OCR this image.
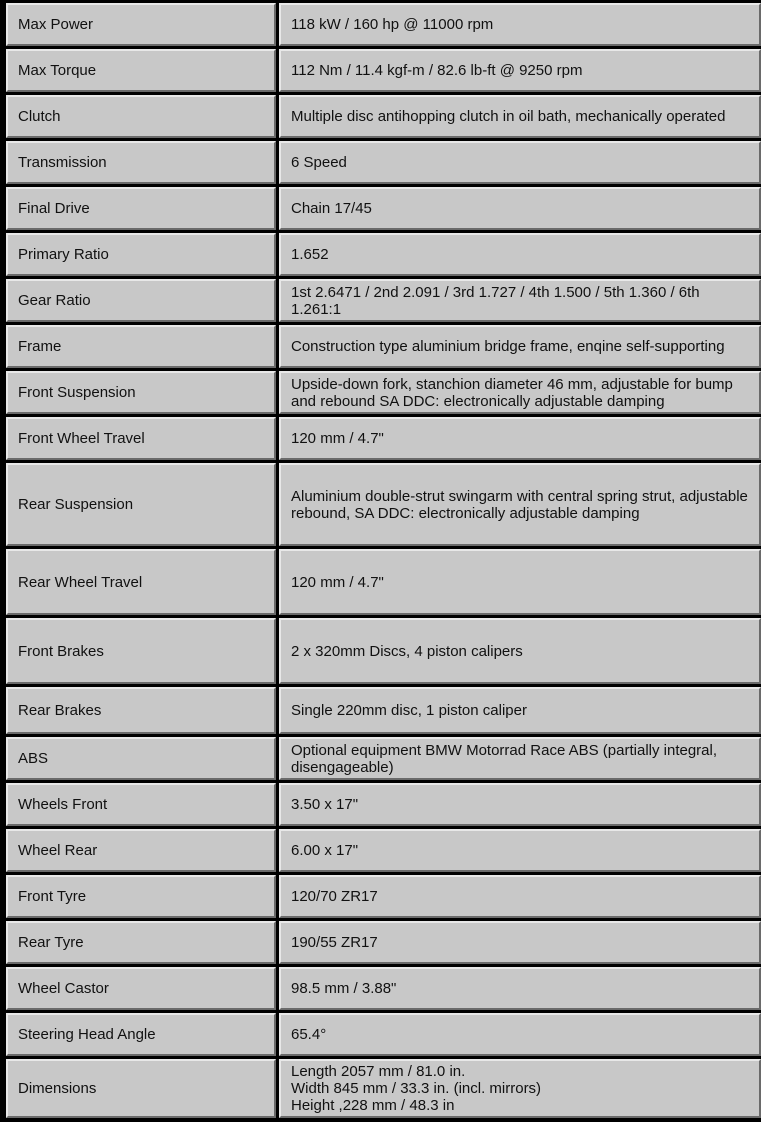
Max Power	118 kW / 160 hp @ 11000 rpm

Max Torque	112 Nm / 11.4 kgf-m / 82.6 lb-ft @ 9250 rpm

Clutch	Multiple disc antihopping clutch in oil bath, mechanically operated

Transmission	6 Speed

Final Drive	Chain 17/45

Primary Ratio	1.652

Gear Ratio	1st 2.6471 / 2nd 2.091 / 3rd 1.727 / 4th 1.500 / 5th 1.360 / 6th 1.261:1

Frame	Construction type aluminium bridge frame, enqine self-supporting

Front Suspension	Upside-down fork, stanchion diameter 46 mm, adjustable for bump and rebound SA DDC: electronically adjustable damping

Front Wheel Travel	120 mm / 4.7"

Rear Suspension	Aluminium double-strut swingarm with central spring strut, adjustable rebound, SA DDC: electronically adjustable damping

Rear Wheel Travel	120 mm / 4.7"

Front Brakes	2 x 320mm Discs, 4 piston calipers

Rear Brakes	Single 220mm disc, 1 piston caliper

ABS	Optional equipment BMW Motorrad Race ABS (partially integral, disengageable)

Wheels Front	3.50 x 17"

Wheel Rear	6.00 x 17"

Front Tyre	120/70 ZR17

Rear Tyre	190/55 ZR17

Wheel Castor	98.5 mm / 3.88"

Steering Head Angle	65.4°

Dimensions	Length 2057 mm / 81.0 in.
Width 845 mm / 33.3 in. (incl. mirrors)
Height ,228 mm / 48.3 in
